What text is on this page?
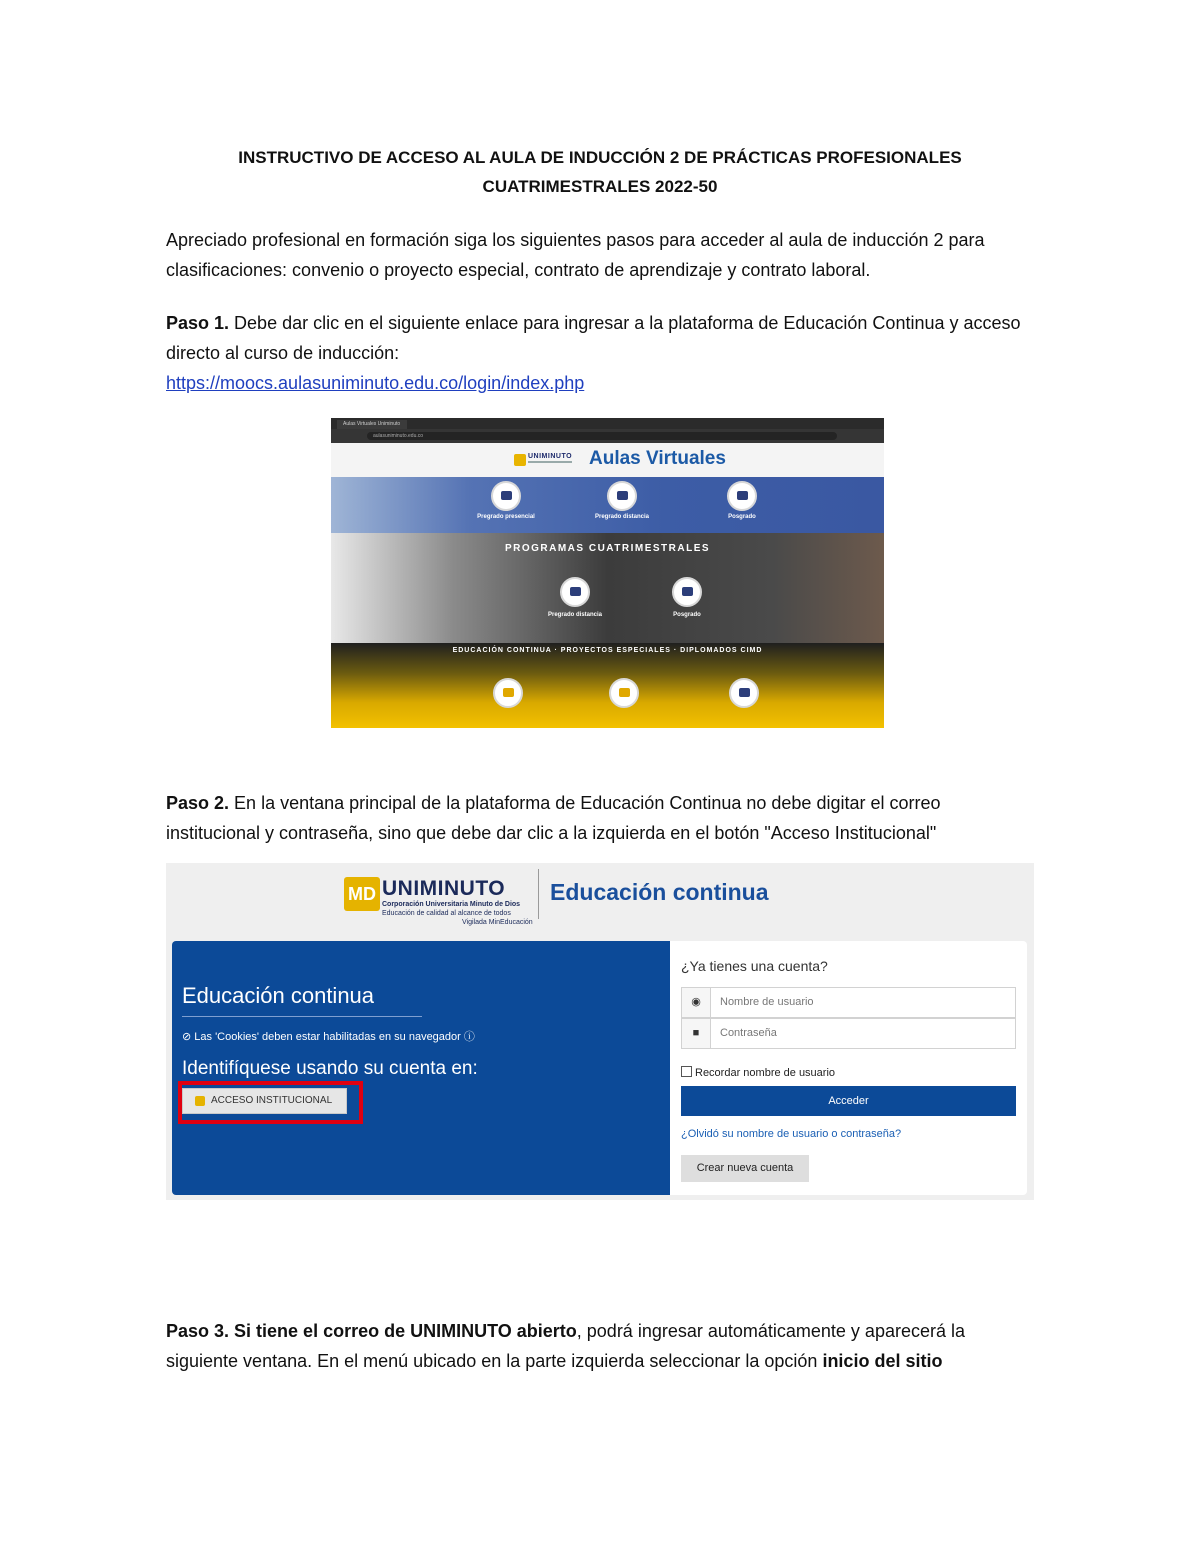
INSTRUCTIVO DE ACCESO AL AULA DE INDUCCIÓN 2 DE PRÁCTICAS PROFESIONALES
CUATRIMESTRALES 2022-50
Apreciado profesional en formación siga los siguientes pasos para acceder al aula de inducción 2 para clasificaciones: convenio o proyecto especial, contrato de aprendizaje y contrato laboral.
Paso 1. Debe dar clic en el siguiente enlace para ingresar a la plataforma de Educación Continua y acceso directo al curso de inducción:
https://moocs.aulasuniminuto.edu.co/login/index.php
Aulas Virtuales Uniminuto
aulasuniminuto.edu.co
UNIMINUTO Aulas Virtuales
Pregrado presencial	Pregrado distancia	Posgrado
PROGRAMAS CUATRIMESTRALES
Pregrado distancia	Posgrado
EDUCACIÓN CONTINUA · PROYECTOS ESPECIALES · DIPLOMADOS CIMD
Paso 2. En la ventana principal de la plataforma de Educación Continua no debe digitar el correo institucional y contraseña, sino que debe dar clic a la izquierda en el botón "Acceso Institucional"
MD UNIMINUTO
Corporación Universitaria Minuto de Dios
Educación de calidad al alcance de todos
Vigilada MinEducación
Educación continua
Educación continua
⊘ Las 'Cookies' deben estar habilitadas en su navegador ⓘ
Identifíquese usando su cuenta en:
ACCESO INSTITUCIONAL
¿Ya tienes una cuenta?
◉	Nombre de usuario
■	Contraseña
Recordar nombre de usuario
Acceder
¿Olvidó su nombre de usuario o contraseña?
Crear nueva cuenta
Paso 3. Si tiene el correo de UNIMINUTO abierto, podrá ingresar automáticamente y aparecerá la siguiente ventana. En el menú ubicado en la parte izquierda seleccionar la opción inicio del sitio
